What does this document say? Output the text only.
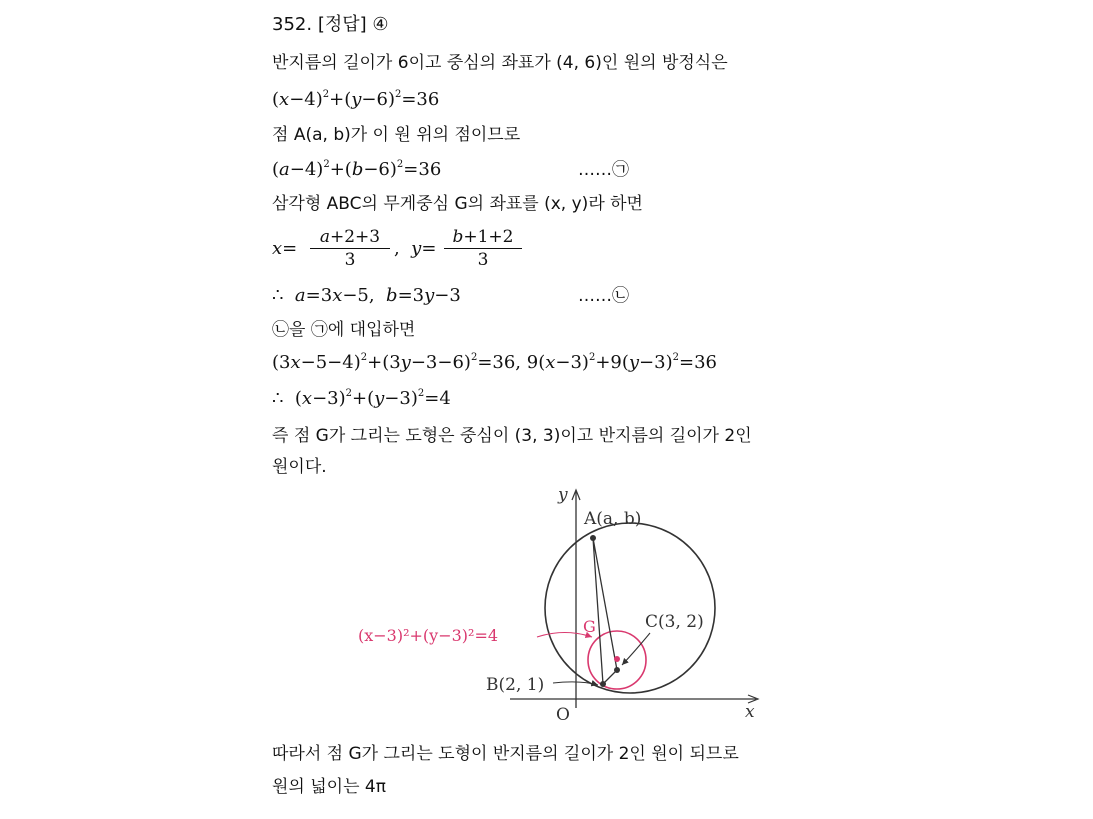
352. [정답] ④
반지름의 길이가 6이고 중심의 좌표가 (4, 6)인 원의 방정식은
$(x-4)^2+(y-6)^2=36$
점 A(a, b)가 이 원 위의 점이므로
$(a-4)^2+(b-6)^2=36$	……㉠
삼각형 ABC의 무게중심 G의 좌표를 (x, y)라 하면
x=
a+2+3
3
,  y=
b+1+2
3
∴  a=3x−5,  b=3y−3	……㉡
㉡을 ㉠에 대입하면
$(3x-5-4)^2+(3y-3-6)^2=36$, $9(x-3)^2+9(y-3)^2=36$
∴  $(x-3)^2+(y-3)^2=4$
즉 점 G가 그리는 도형은 중심이 (3, 3)이고 반지름의 길이가 2인
원이다.
y
x
O
A(a, b)
B(2, 1)
C(3, 2)
G
(x−3)²+(y−3)²=4
따라서 점 G가 그리는 도형이 반지름의 길이가 2인 원이 되므로
원의 넓이는 4π
